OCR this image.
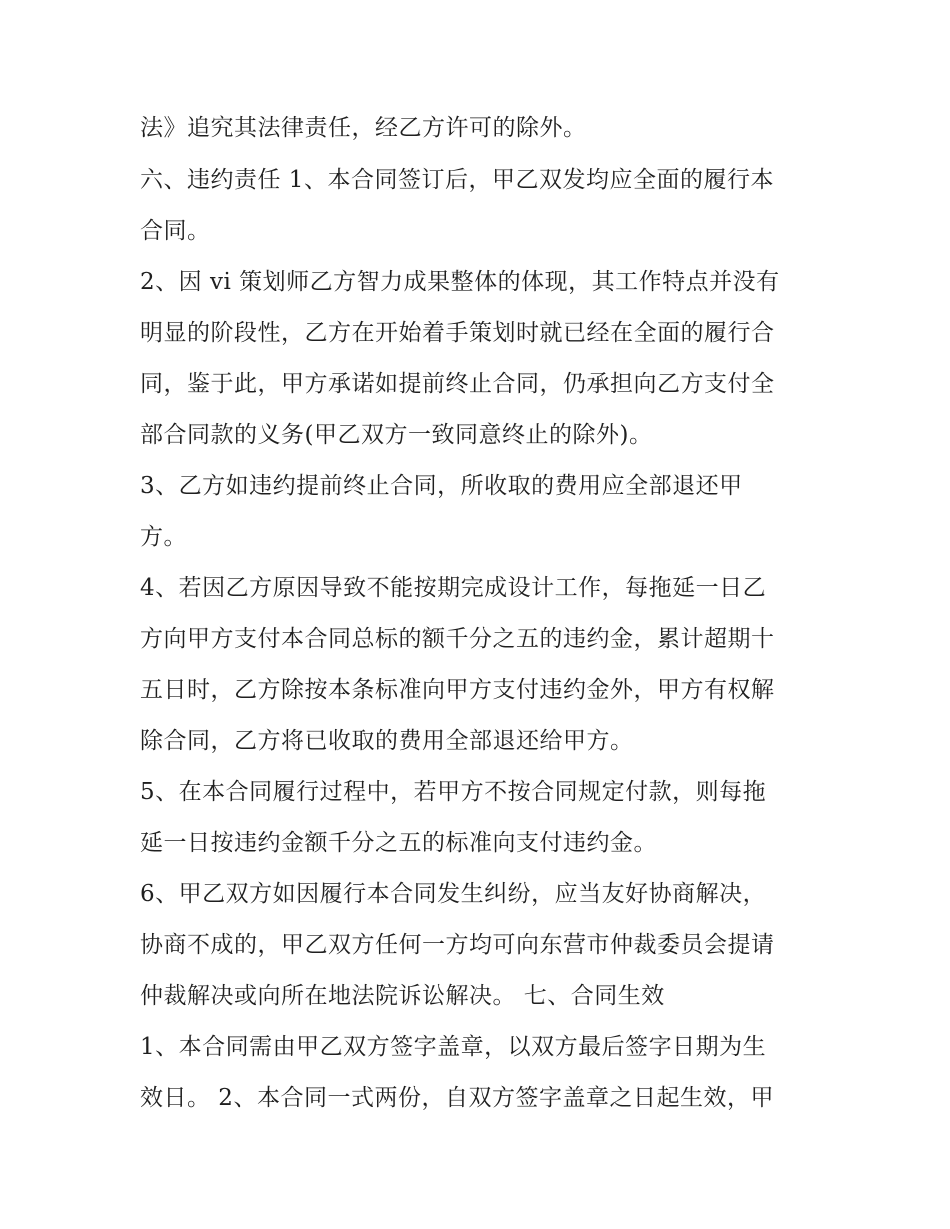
法》追究其法律责任，经乙方许可的除外。
六、违约责任 1、本合同签订后，甲乙双发均应全面的履行本
合同。
2、因 vi 策划师乙方智力成果整体的体现，其工作特点并没有
明显的阶段性，乙方在开始着手策划时就已经在全面的履行合
同，鉴于此，甲方承诺如提前终止合同，仍承担向乙方支付全
部合同款的义务(甲乙双方一致同意终止的除外)。
3、乙方如违约提前终止合同，所收取的费用应全部退还甲
方。
4、若因乙方原因导致不能按期完成设计工作，每拖延一日乙
方向甲方支付本合同总标的额千分之五的违约金，累计超期十
五日时，乙方除按本条标准向甲方支付违约金外，甲方有权解
除合同，乙方将已收取的费用全部退还给甲方。
5、在本合同履行过程中，若甲方不按合同规定付款，则每拖
延一日按违约金额千分之五的标准向支付违约金。
6、甲乙双方如因履行本合同发生纠纷，应当友好协商解决，
协商不成的，甲乙双方任何一方均可向东营市仲裁委员会提请
仲裁解决或向所在地法院诉讼解决。 七、合同生效
1、本合同需由甲乙双方签字盖章，以双方最后签字日期为生
效日。 2、本合同一式两份，自双方签字盖章之日起生效，甲
